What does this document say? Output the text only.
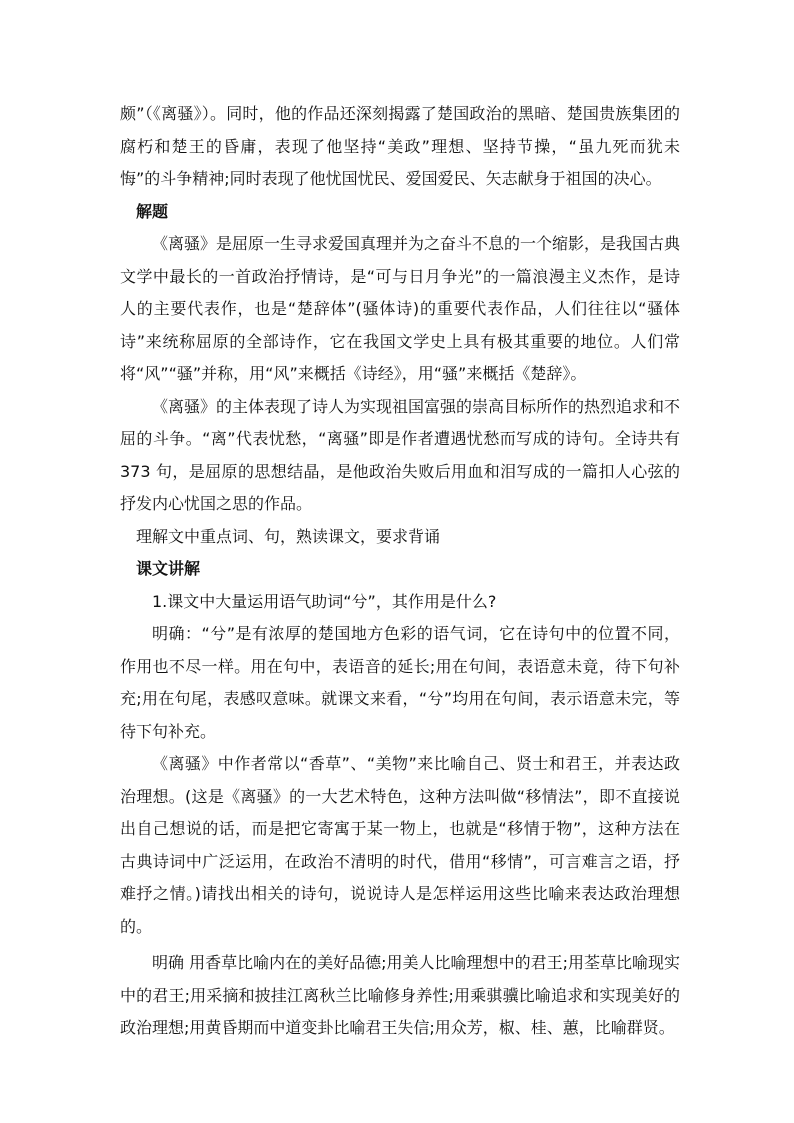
颇”（《离骚》）。同时，他的作品还深刻揭露了楚国政治的黑暗、楚国贵族集团的腐朽和楚王的昏庸，表现了他坚持“美政”理想、坚持节操，“虽九死而犹未悔”的斗争精神;同时表现了他忧国忧民、爱国爱民、矢志献身于祖国的决心。

解题

《离骚》是屈原一生寻求爱国真理并为之奋斗不息的一个缩影，是我国古典文学中最长的一首政治抒情诗，是“可与日月争光”的一篇浪漫主义杰作，是诗人的主要代表作，也是“楚辞体”(骚体诗)的重要代表作品，人们往往以“骚体诗”来统称屈原的全部诗作，它在我国文学史上具有极其重要的地位。人们常将“风”“骚”并称，用“风”来概括《诗经》，用“骚”来概括《楚辞》。

《离骚》的主体表现了诗人为实现祖国富强的崇高目标所作的热烈追求和不屈的斗争。“离”代表忧愁，“离骚”即是作者遭遇忧愁而写成的诗句。全诗共有 373 句，是屈原的思想结晶，是他政治失败后用血和泪写成的一篇扣人心弦的抒发内心忧国之思的作品。

理解文中重点词、句，熟读课文，要求背诵

课文讲解

1.课文中大量运用语气助词“兮”，其作用是什么?

明确：“兮”是有浓厚的楚国地方色彩的语气词，它在诗句中的位置不同，作用也不尽一样。用在句中，表语音的延长;用在句间，表语意未竟，待下句补充;用在句尾，表感叹意味。就课文来看，“兮”均用在句间，表示语意未完，等待下句补充。

《离骚》中作者常以“香草”、“美物”来比喻自己、贤士和君王，并表达政治理想。(这是《离骚》的一大艺术特色，这种方法叫做“移情法”，即不直接说出自己想说的话，而是把它寄寓于某一物上，也就是“移情于物”，这种方法在古典诗词中广泛运用，在政治不清明的时代，借用“移情”，可言难言之语，抒难抒之情。)请找出相关的诗句，说说诗人是怎样运用这些比喻来表达政治理想的。

明确 用香草比喻内在的美好品德;用美人比喻理想中的君王;用荃草比喻现实中的君王;用采摘和披挂江离秋兰比喻修身养性;用乘骐骥比喻追求和实现美好的政治理想;用黄昏期而中道变卦比喻君王失信;用众芳，椒、桂、蕙，比喻群贤。
